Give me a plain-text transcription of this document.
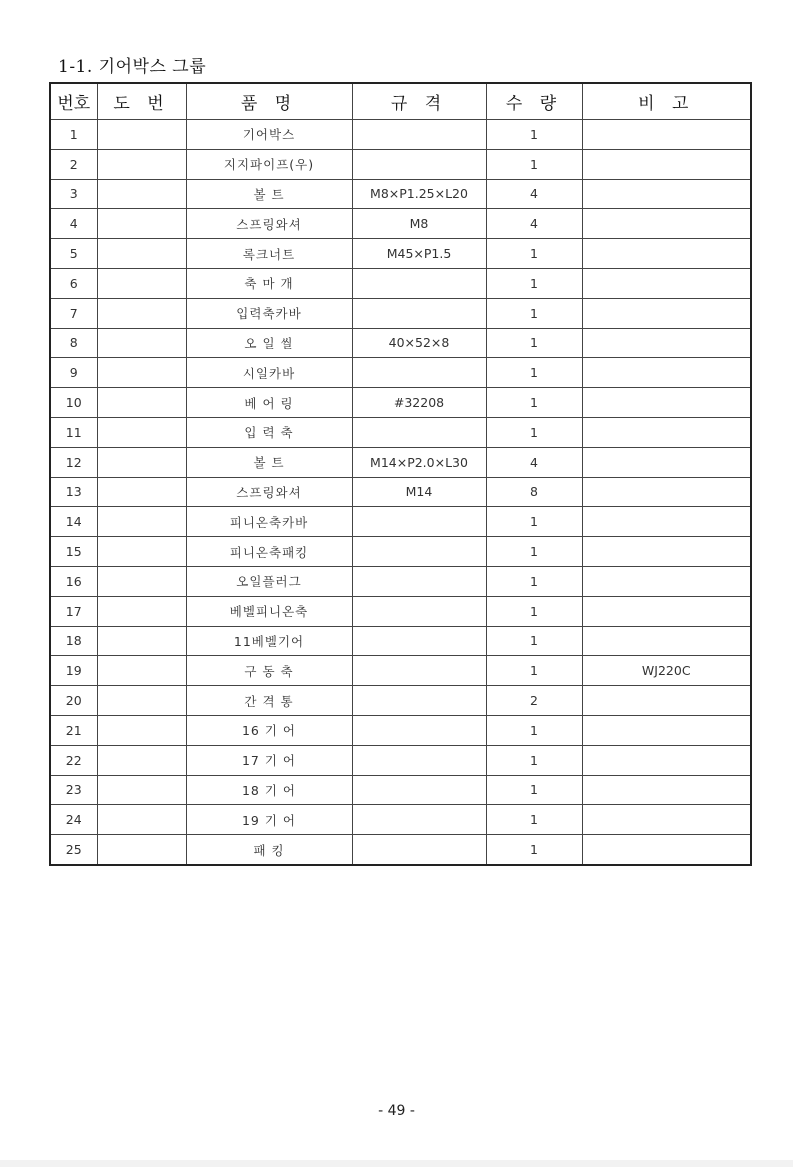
1-1. 기어박스 그룹
번호	도 번	품 명	규 격	수 량	비 고
1		기어박스		1	
2		지지파이프(우)		1	
3		볼 트	M8×P1.25×L20	4	
4		스프링와셔	M8	4	
5		록크너트	M45×P1.5	1	
6		축 마 개		1	
7		입력축카바		1	
8		오 일 씰	40×52×8	1	
9		시일카바		1	
10		베 어 링	#32208	1	
11		입 력 축		1	
12		볼 트	M14×P2.0×L30	4	
13		스프링와셔	M14	8	
14		피니온축카바		1	
15		피니온축패킹		1	
16		오일플러그		1	
17		베벨피니온축		1	
18		11베벨기어		1	
19		구 동 축		1	WJ220C
20		간 격 통		2	
21		16 기 어		1	
22		17 기 어		1	
23		18 기 어		1	
24		19 기 어		1	
25		패 킹		1	
- 49 -
